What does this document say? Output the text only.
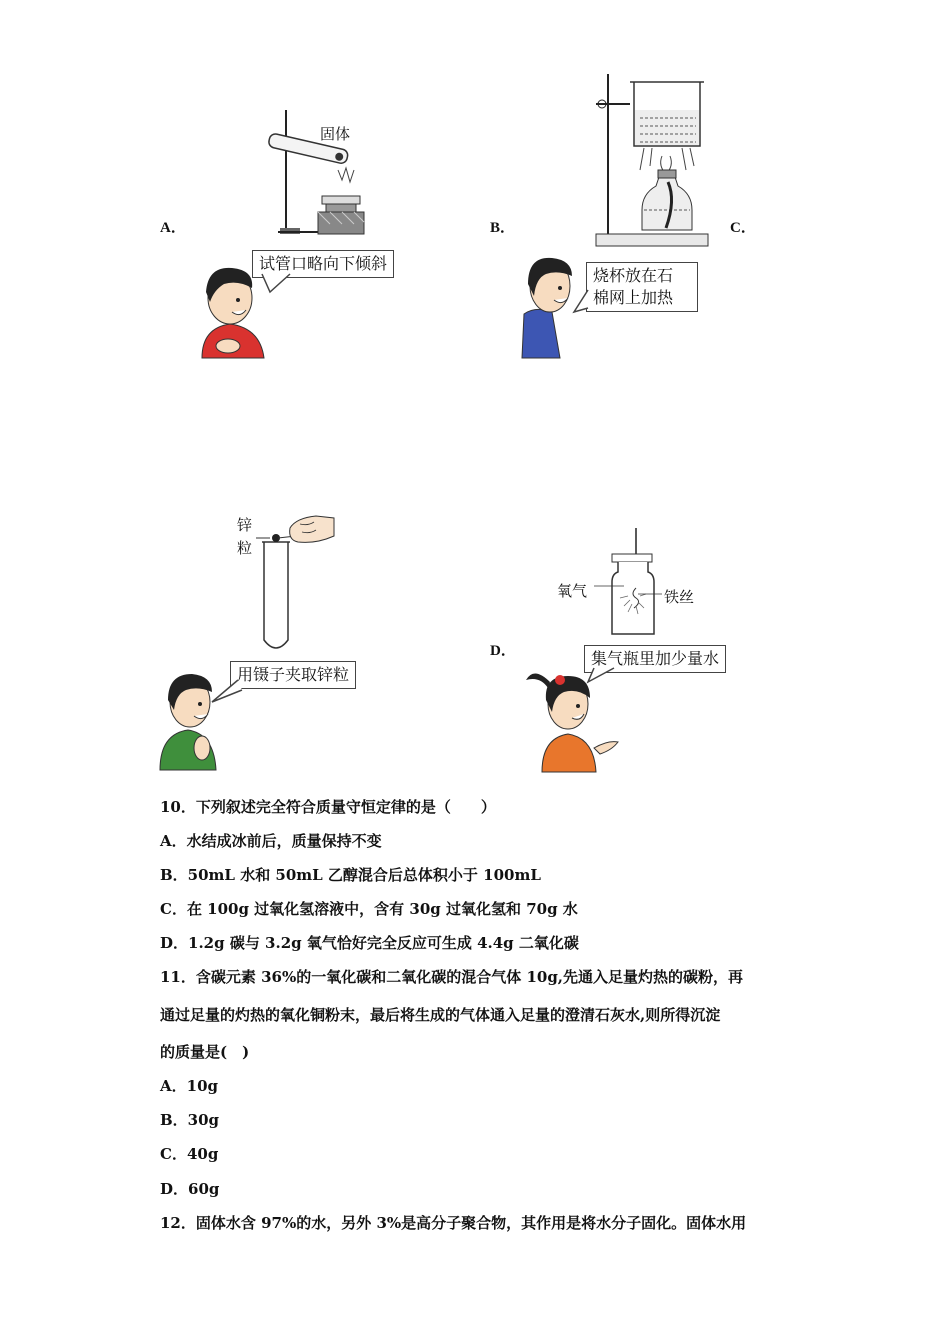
A．	B．	C．
固体
试管口略向下倾斜
烧杯放在石
棉网上加热
锌
粒
用镊子夹取锌粒
D．
氧气	铁丝
集气瓶里加少量水
10．下列叙述完全符合质量守恒定律的是（　　）
A．水结成冰前后，质量保持不变
B．50mL 水和 50mL 乙醇混合后总体积小于 100mL
C．在 100g 过氧化氢溶液中，含有 30g 过氧化氢和 70g 水
D．1.2g 碳与 3.2g 氧气恰好完全反应可生成 4.4g 二氧化碳
11．含碳元素 36%的一氧化碳和二氧化碳的混合气体 10g,先通入足量灼热的碳粉，再
通过足量的灼热的氧化铜粉末，最后将生成的气体通入足量的澄清石灰水,则所得沉淀
的质量是(　)
A．10g
B．30g
C．40g
D．60g
12．固体水含 97%的水，另外 3%是高分子聚合物，其作用是将水分子固化。固体水用
